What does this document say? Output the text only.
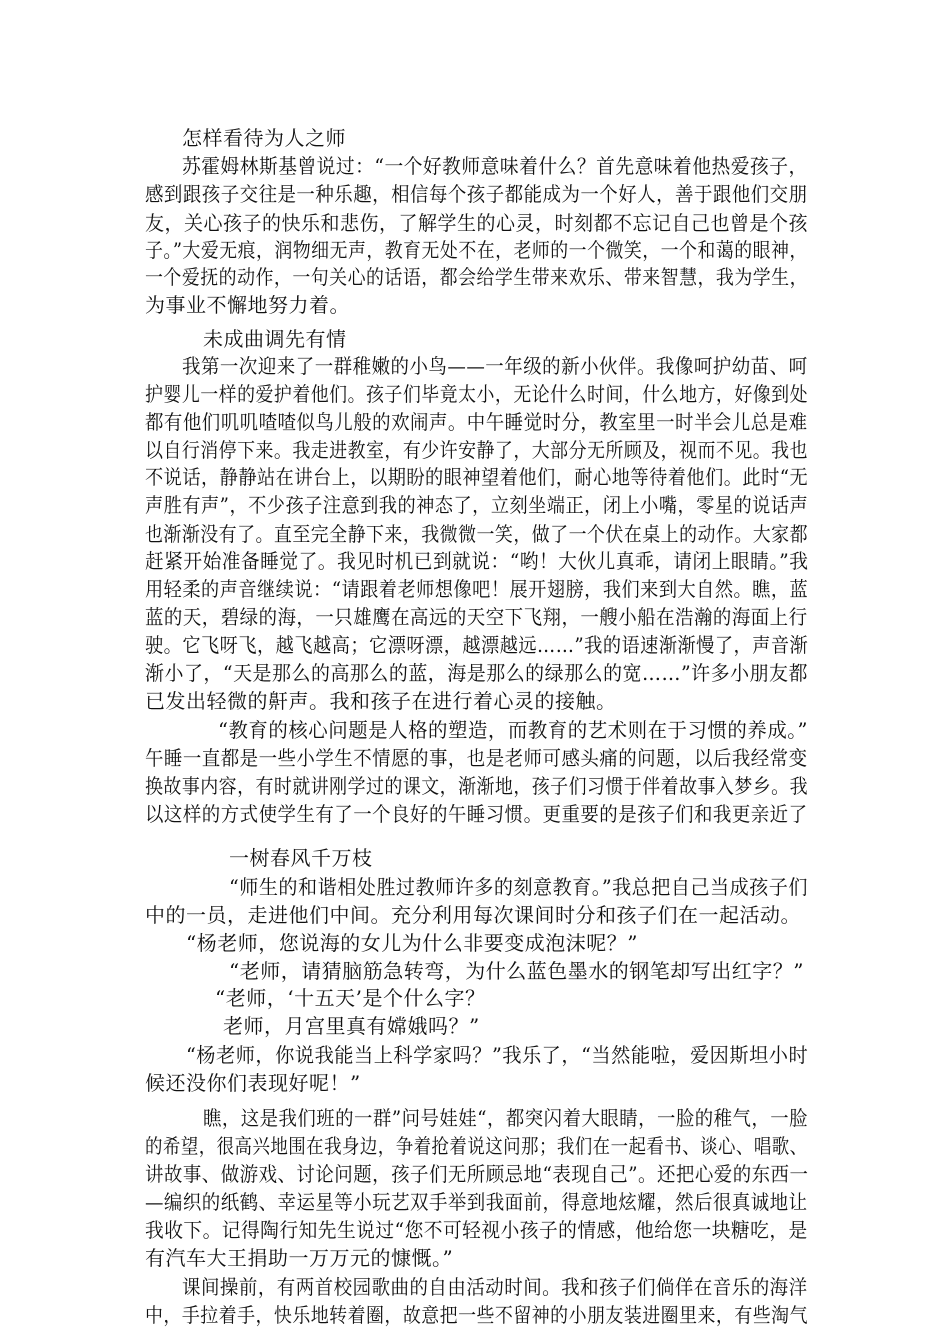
怎样看待为人之师
苏霍姆林斯基曾说过：“一个好教师意味着什么？首先意味着他热爱孩子，
感到跟孩子交往是一种乐趣，相信每个孩子都能成为一个好人，善于跟他们交朋
友，关心孩子的快乐和悲伤，了解学生的心灵，时刻都不忘记自己也曾是个孩
子。”大爱无痕，润物细无声，教育无处不在，老师的一个微笑，一个和蔼的眼神，
一个爱抚的动作，一句关心的话语，都会给学生带来欢乐、带来智慧，我为学生，
为事业不懈地努力着。
未成曲调先有情
我第一次迎来了一群稚嫩的小鸟——一年级的新小伙伴。我像呵护幼苗、呵
护婴儿一样的爱护着他们。孩子们毕竟太小，无论什么时间，什么地方，好像到处
都有他们叽叽喳喳似鸟儿般的欢闹声。中午睡觉时分，教室里一时半会儿总是难
以自行消停下来。我走进教室，有少许安静了，大部分无所顾及，视而不见。我也
不说话，静静站在讲台上，以期盼的眼神望着他们，耐心地等待着他们。此时“无
声胜有声”，不少孩子注意到我的神态了，立刻坐端正，闭上小嘴，零星的说话声
也渐渐没有了。直至完全静下来，我微微一笑，做了一个伏在桌上的动作。大家都
赶紧开始准备睡觉了。我见时机已到就说：“哟！大伙儿真乖，请闭上眼睛。”我
用轻柔的声音继续说：“请跟着老师想像吧！展开翅膀，我们来到大自然。瞧，蓝
蓝的天，碧绿的海，一只雄鹰在高远的天空下飞翔，一艘小船在浩瀚的海面上行
驶。它飞呀飞，越飞越高；它漂呀漂，越漂越远……”我的语速渐渐慢了，声音渐
渐小了，“天是那么的高那么的蓝，海是那么的绿那么的宽……”许多小朋友都
已发出轻微的鼾声。我和孩子在进行着心灵的接触。
“教育的核心问题是人格的塑造，而教育的艺术则在于习惯的养成。”
午睡一直都是一些小学生不情愿的事，也是老师可感头痛的问题，以后我经常变
换故事内容，有时就讲刚学过的课文，渐渐地，孩子们习惯于伴着故事入梦乡。我
以这样的方式使学生有了一个良好的午睡习惯。更重要的是孩子们和我更亲近了
一树春风千万枝
“师生的和谐相处胜过教师许多的刻意教育。”我总把自己当成孩子们
中的一员，走进他们中间。充分利用每次课间时分和孩子们在一起活动。
“杨老师，您说海的女儿为什么非要变成泡沫呢？”
“老师，请猜脑筋急转弯，为什么蓝色墨水的钢笔却写出红字？”
“老师，‘十五天’是个什么字？
老师，月宫里真有嫦娥吗？”
“杨老师，你说我能当上科学家吗？”我乐了，“当然能啦，爱因斯坦小时
候还没你们表现好呢！”
瞧，这是我们班的一群”问号娃娃“，都突闪着大眼睛，一脸的稚气，一脸
的希望，很高兴地围在我身边，争着抢着说这问那；我们在一起看书、谈心、唱歌、
讲故事、做游戏、讨论问题，孩子们无所顾忌地“表现自己”。还把心爱的东西一
—编织的纸鹤、幸运星等小玩艺双手举到我面前，得意地炫耀，然后很真诚地让
我收下。记得陶行知先生说过“您不可轻视小孩子的情感，他给您一块糖吃，是
有汽车大王捐助一万万元的慷慨。”
课间操前，有两首校园歌曲的自由活动时间。我和孩子们倘佯在音乐的海洋
中，手拉着手，快乐地转着圈，故意把一些不留神的小朋友装进圈里来，有些淘气
